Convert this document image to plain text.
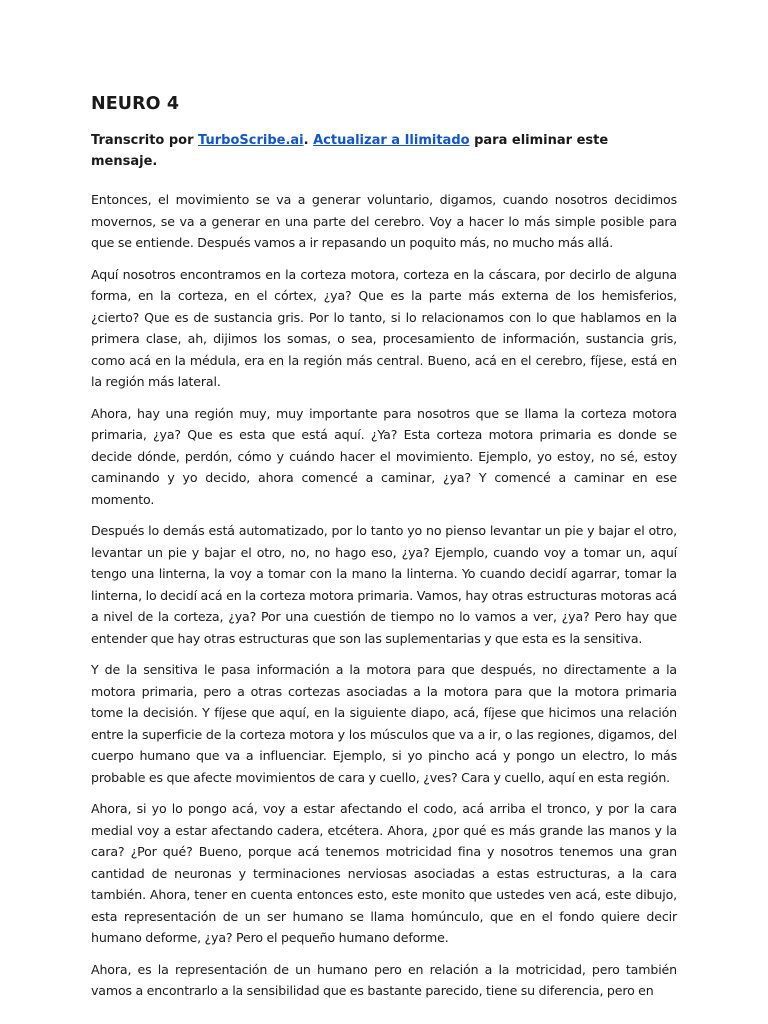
NEURO 4

Transcrito por TurboScribe.ai. Actualizar a Ilimitado para eliminar este mensaje.

Entonces, el movimiento se va a generar voluntario, digamos, cuando nosotros decidimos movernos, se va a generar en una parte del cerebro. Voy a hacer lo más simple posible para que se entiende. Después vamos a ir repasando un poquito más, no mucho más allá.

Aquí nosotros encontramos en la corteza motora, corteza en la cáscara, por decirlo de alguna forma, en la corteza, en el córtex, ¿ya? Que es la parte más externa de los hemisferios, ¿cierto? Que es de sustancia gris. Por lo tanto, si lo relacionamos con lo que hablamos en la primera clase, ah, dijimos los somas, o sea, procesamiento de información, sustancia gris, como acá en la médula, era en la región más central. Bueno, acá en el cerebro, fíjese, está en la región más lateral.

Ahora, hay una región muy, muy importante para nosotros que se llama la corteza motora primaria, ¿ya? Que es esta que está aquí. ¿Ya? Esta corteza motora primaria es donde se decide dónde, perdón, cómo y cuándo hacer el movimiento. Ejemplo, yo estoy, no sé, estoy caminando y yo decido, ahora comencé a caminar, ¿ya? Y comencé a caminar en ese momento.

Después lo demás está automatizado, por lo tanto yo no pienso levantar un pie y bajar el otro, levantar un pie y bajar el otro, no, no hago eso, ¿ya? Ejemplo, cuando voy a tomar un, aquí tengo una linterna, la voy a tomar con la mano la linterna. Yo cuando decidí agarrar, tomar la linterna, lo decidí acá en la corteza motora primaria. Vamos, hay otras estructuras motoras acá a nivel de la corteza, ¿ya? Por una cuestión de tiempo no lo vamos a ver, ¿ya? Pero hay que entender que hay otras estructuras que son las suplementarias y que esta es la sensitiva.

Y de la sensitiva le pasa información a la motora para que después, no directamente a la motora primaria, pero a otras cortezas asociadas a la motora para que la motora primaria tome la decisión. Y fíjese que aquí, en la siguiente diapo, acá, fíjese que hicimos una relación entre la superficie de la corteza motora y los músculos que va a ir, o las regiones, digamos, del cuerpo humano que va a influenciar. Ejemplo, si yo pincho acá y pongo un electro, lo más probable es que afecte movimientos de cara y cuello, ¿ves? Cara y cuello, aquí en esta región.

Ahora, si yo lo pongo acá, voy a estar afectando el codo, acá arriba el tronco, y por la cara medial voy a estar afectando cadera, etcétera. Ahora, ¿por qué es más grande las manos y la cara? ¿Por qué? Bueno, porque acá tenemos motricidad fina y nosotros tenemos una gran cantidad de neuronas y terminaciones nerviosas asociadas a estas estructuras, a la cara también. Ahora, tener en cuenta entonces esto, este monito que ustedes ven acá, este dibujo, esta representación de un ser humano se llama homúnculo, que en el fondo quiere decir humano deforme, ¿ya? Pero el pequeño humano deforme.

Ahora, es la representación de un humano pero en relación a la motricidad, pero también vamos a encontrarlo a la sensibilidad que es bastante parecido, tiene su diferencia, pero en
